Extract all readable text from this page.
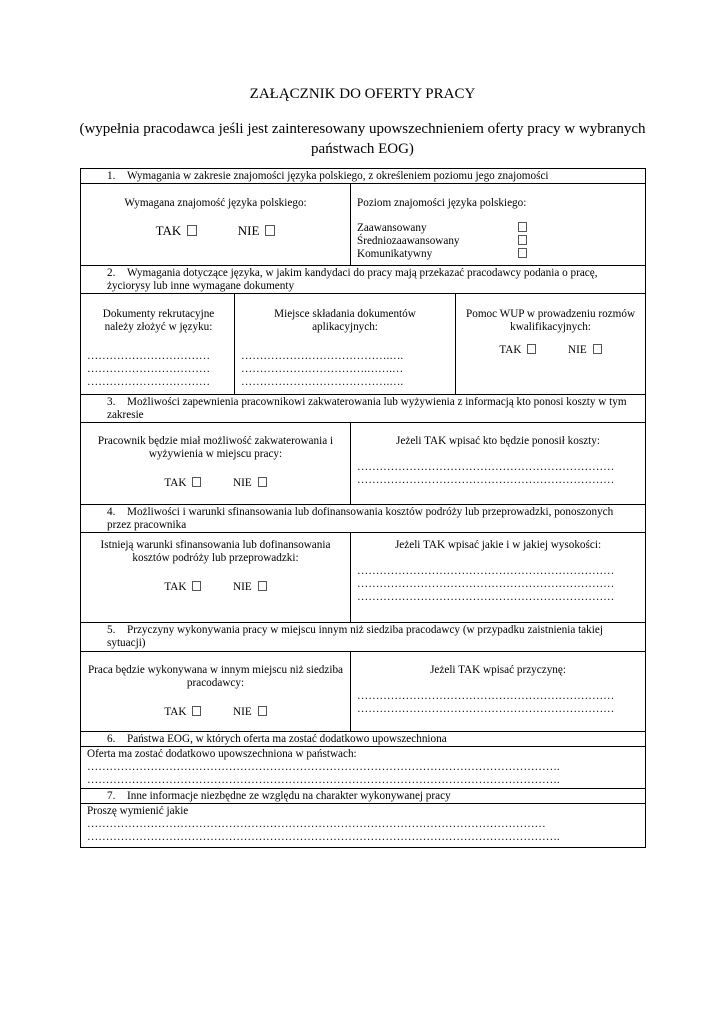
ZAŁĄCZNIK DO OFERTY PRACY
(wypełnia pracodawca jeśli jest zainteresowany upowszechnieniem oferty pracy w wybranych państwach EOG)
1. Wymagania w zakresie znajomości języka polskiego, z określeniem poziomu jego znajomości

Wymagana znajomość języka polskiego:
TAK	NIE

Poziom znajomości języka polskiego:
Zaawansowany
Średniozaawansowany
Komunikatywny

2. Wymagania dotyczące języka, w jakim kandydaci do pracy mają przekazać pracodawcy podania o pracę, życiorysy lub inne wymagane dokumenty

Dokumenty rekrutacyjne należy złożyć w języku:
……………………………
……………………………
……………………………

Miejsce składania dokumentów aplikacyjnych:
………………………………….….
…………………………….…….…
………………………………….….

Pomoc WUP w prowadzeniu rozmów kwalifikacyjnych:
TAK	NIE

3. Możliwości zapewnienia pracownikowi zakwaterowania lub wyżywienia z informacją kto ponosi koszty w tym zakresie

Pracownik będzie miał możliwość zakwaterowania i wyżywienia w miejscu pracy:
TAK	NIE

Jeżeli TAK wpisać kto będzie ponosił koszty:
……………………………………………………………
……………………………………………………………

4. Możliwości i warunki sfinansowania lub dofinansowania kosztów podróży lub przeprowadzki, ponoszonych przez pracownika

Istnieją warunki sfinansowania lub dofinansowania kosztów podróży lub przeprowadzki:
TAK	NIE

Jeżeli TAK wpisać jakie i w jakiej wysokości:
……………………………………………………………
……………………………………………………………
……………………………………………………………

5. Przyczyny wykonywania pracy w miejscu innym niż siedziba pracodawcy (w przypadku zaistnienia takiej sytuacji)

Praca będzie wykonywana w innym miejscu niż siedziba pracodawcy:
TAK	NIE

Jeżeli TAK wpisać przyczynę:
……………………………………………………………
……………………………………………………………

6. Państwa EOG, w których oferta ma zostać dodatkowo upowszechniona

Oferta ma zostać dodatkowo upowszechniona w państwach:
……………………………………………………………………………………………………………….
……………………………………………………………………………………………………………….

7. Inne informacje niezbędne ze względu na charakter wykonywanej pracy

Proszę wymienić jakie
……………………………………………………………………………………………………………
……………………………………………………………………………………………………………….
